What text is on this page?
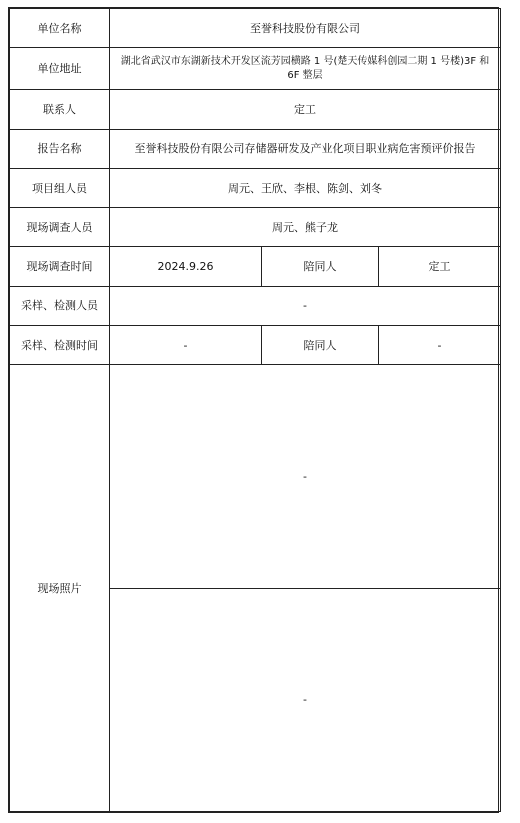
单位名称	至誉科技股份有限公司		
单位地址	湖北省武汉市东湖新技术开发区流芳园横路 1 号(楚天传媒科创园二期 1 号楼)3F 和 6F 整层		
联系人	定工		
报告名称	至誉科技股份有限公司存储器研发及产业化项目职业病危害预评价报告		
项目组人员	周元、王欣、李根、陈剑、刘冬		
现场调查人员	周元、熊子龙		
现场调查时间	2024.9.26	陪同人	定工
采样、检测人员	-		
采样、检测时间	-	陪同人	-
现场照片	-		
	-		
